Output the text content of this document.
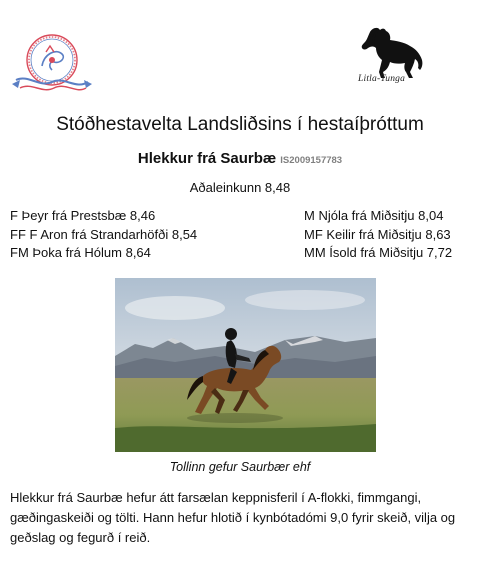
Litla-Tunga
Stóðhestavelta Landsliðsins í hestaíþróttum
Hlekkur frá Saurbæ IS2009157783
Aðaleinkunn 8,48
F Þeyr frá Prestsbæ 8,46
FF F Aron frá Strandarhöfði 8,54
FM Þoka frá Hólum 8,64
M Njóla frá Miðsitju 8,04
MF Keilir frá Miðsitju 8,63
MM Ísold frá Miðsitju 7,72
Tollinn gefur Saurbær ehf
Hlekkur frá Saurbæ hefur átt farsælan keppnisferil í A-flokki, fimmgangi, gæðingaskeiði og tölti. Hann hefur hlotið í kynbótadómi 9,0 fyrir skeið, vilja og geðslag og fegurð í reið.
